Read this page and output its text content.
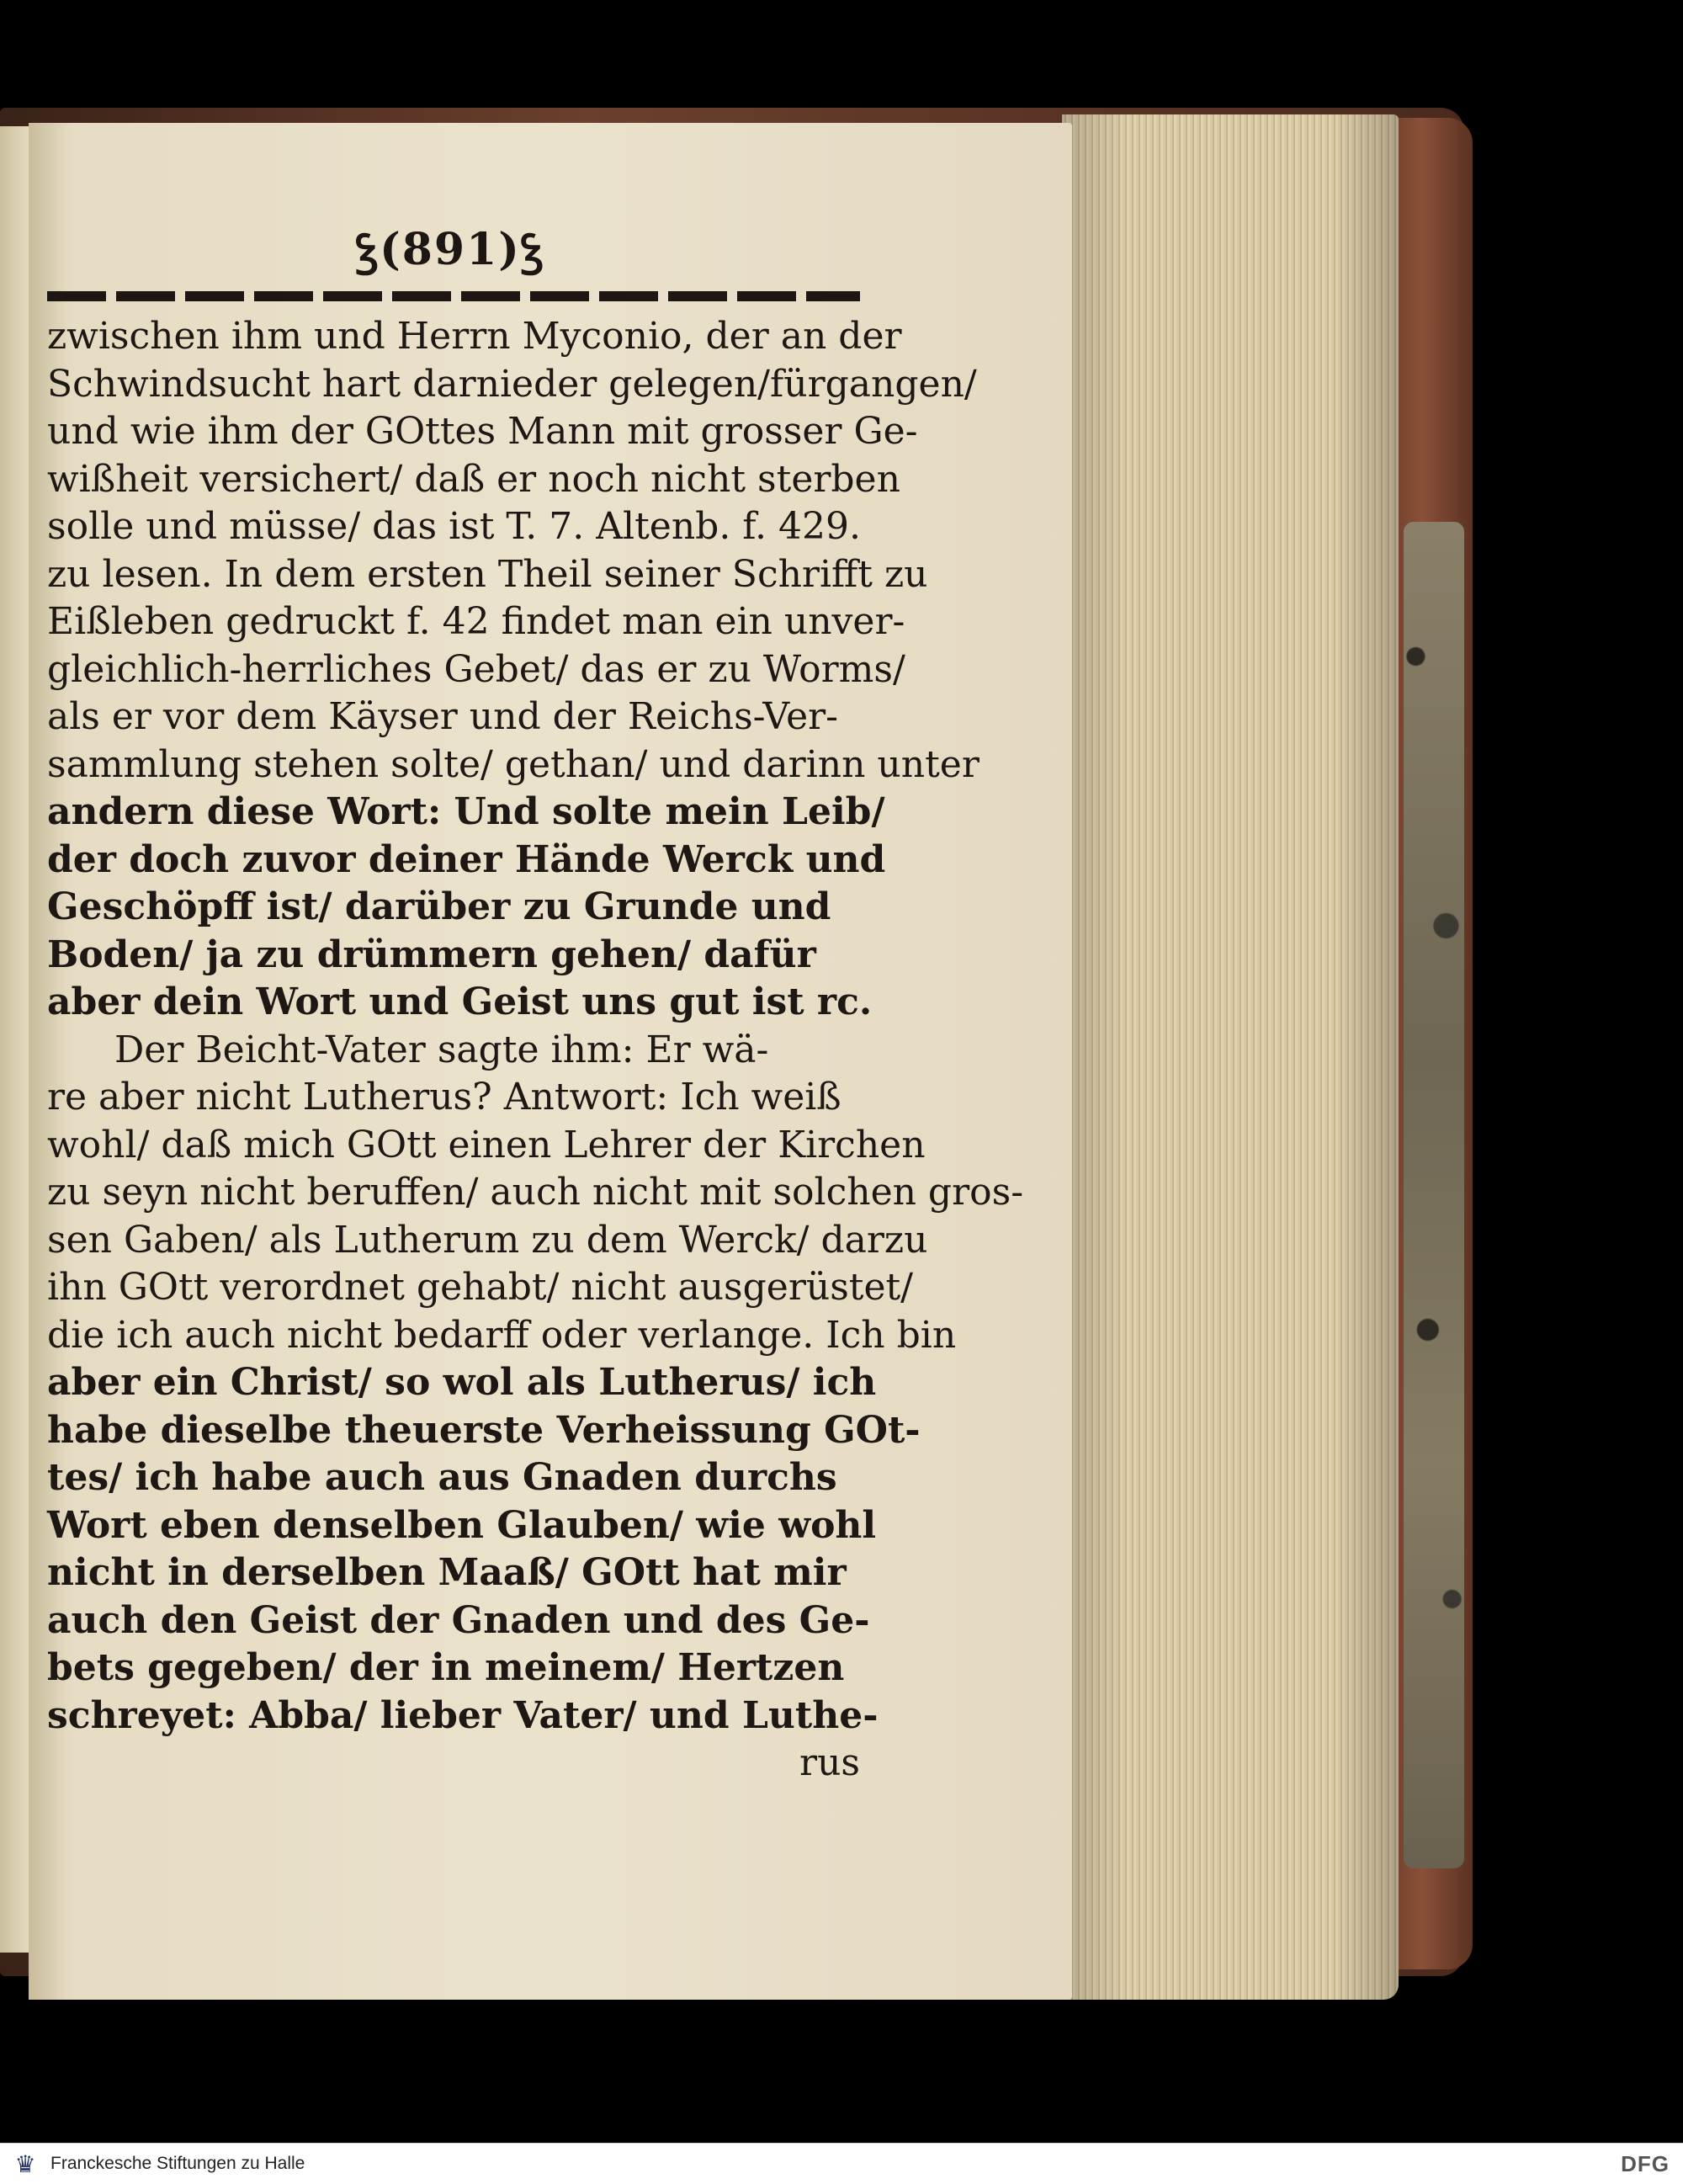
ꝣ(891)ꝣ
zwischen ihm und Herrn Myconio, der an der
Schwindsucht hart darnieder gelegen/fürgangen/
und wie ihm der GOttes Mann mit grosser Ge-
wißheit versichert/ daß er noch nicht sterben
solle und müsse/ das ist T. 7. Altenb. f. 429.
zu lesen. In dem ersten Theil seiner Schrifft zu
Eißleben gedruckt f. 42 findet man ein unver-
gleichlich-herrliches Gebet/ das er zu Worms/
als er vor dem Käyser und der Reichs-Ver-
sammlung stehen solte/ gethan/ und darinn unter
andern diese Wort: Und solte mein Leib/
der doch zuvor deiner Hände Werck und
Geschöpff ist/ darüber zu Grunde und
Boden/ ja zu drümmern gehen/ dafür
aber dein Wort und Geist uns gut ist rc.
Der Beicht-Vater sagte ihm: Er wä-
re aber nicht Lutherus? Antwort: Ich weiß
wohl/ daß mich GOtt einen Lehrer der Kirchen
zu seyn nicht beruffen/ auch nicht mit solchen gros-
sen Gaben/ als Lutherum zu dem Werck/ darzu
ihn GOtt verordnet gehabt/ nicht ausgerüstet/
die ich auch nicht bedarff oder verlange. Ich bin
aber ein Christ/ so wol als Lutherus/ ich
habe dieselbe theuerste Verheissung GOt-
tes/ ich habe auch aus Gnaden durchs
Wort eben denselben Glauben/ wie wohl
nicht in derselben Maaß/ GOtt hat mir
auch den Geist der Gnaden und des Ge-
bets gegeben/ der in meinem/ Hertzen
schreyet: Abba/ lieber Vater/ und Luthe-
rus
♛ Franckesche Stiftungen zu Halle	DFG
